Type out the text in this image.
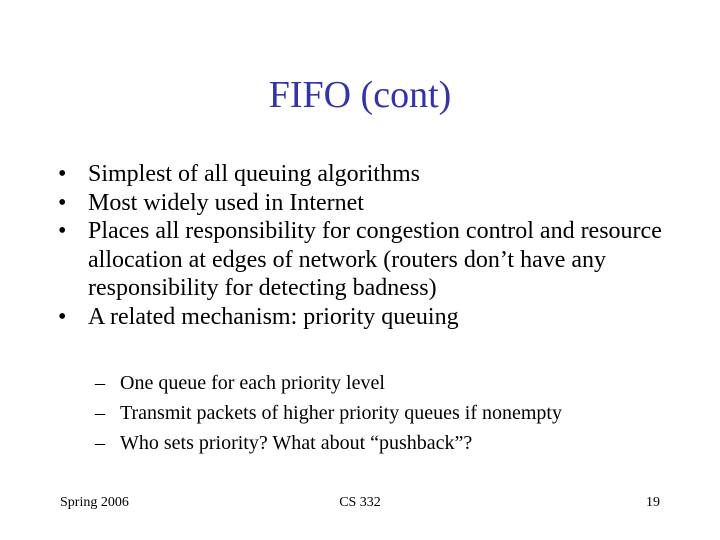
FIFO (cont)
• Simplest of all queuing algorithms
• Most widely used in Internet
• Places all responsibility for congestion control and resource allocation at edges of network (routers don’t have any responsibility for detecting badness)
• A related mechanism: priority queuing
– One queue for each priority level
– Transmit packets of higher priority queues if nonempty
– Who sets priority? What about “pushback”?
CS 332
Spring 2006	19
